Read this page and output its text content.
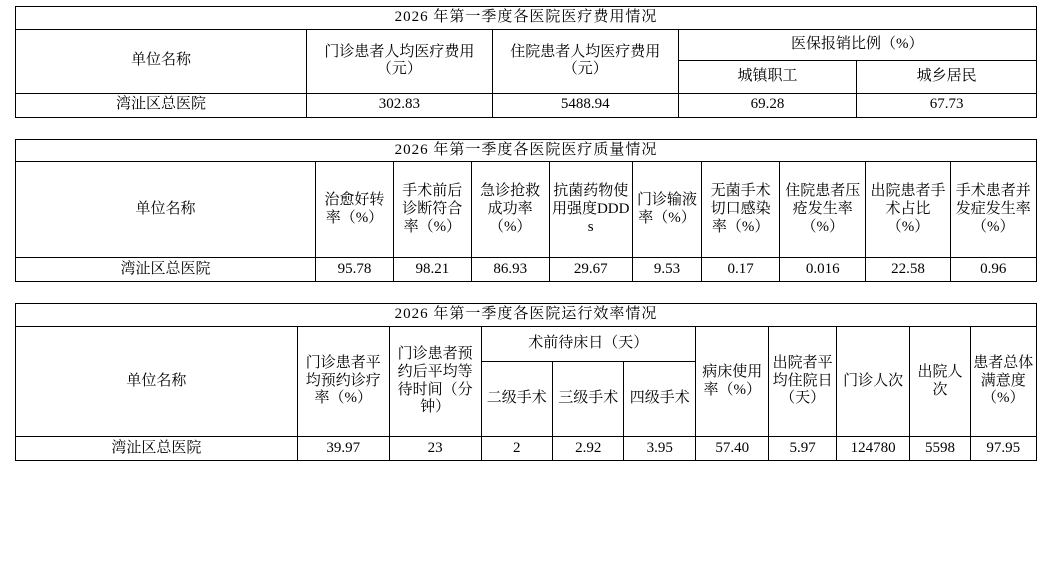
2026 年第一季度各医院医疗费用情况				
单位名称	门诊患者人均医疗费用（元）	住院患者人均医疗费用（元）	医保报销比例（%）	
			城镇职工	城乡居民
湾沚区总医院	302.83	5488.94	69.28	67.73
2026 年第一季度各医院医疗质量情况									
单位名称	治愈好转率（%）	手术前后诊断符合率（%）	急诊抢救成功率（%）	抗菌药物使用强度DDDs	门诊输液率（%）	无菌手术切口感染率（%）	住院患者压疮发生率（%）	出院患者手术占比（%）	手术患者并发症发生率（%）
湾沚区总医院	95.78	98.21	86.93	29.67	9.53	0.17	0.016	22.58	0.96
2026 年第一季度各医院运行效率情况										
单位名称	门诊患者平均预约诊疗率（%）	门诊患者预约后平均等待时间（分钟）	术前待床日（天）			病床使用率（%）	出院者平均住院日（天）	门诊人次	出院人次	患者总体满意度（%）
			二级手术	三级手术	四级手术					
湾沚区总医院	39.97	23	2	2.92	3.95	57.40	5.97	124780	5598	97.95
